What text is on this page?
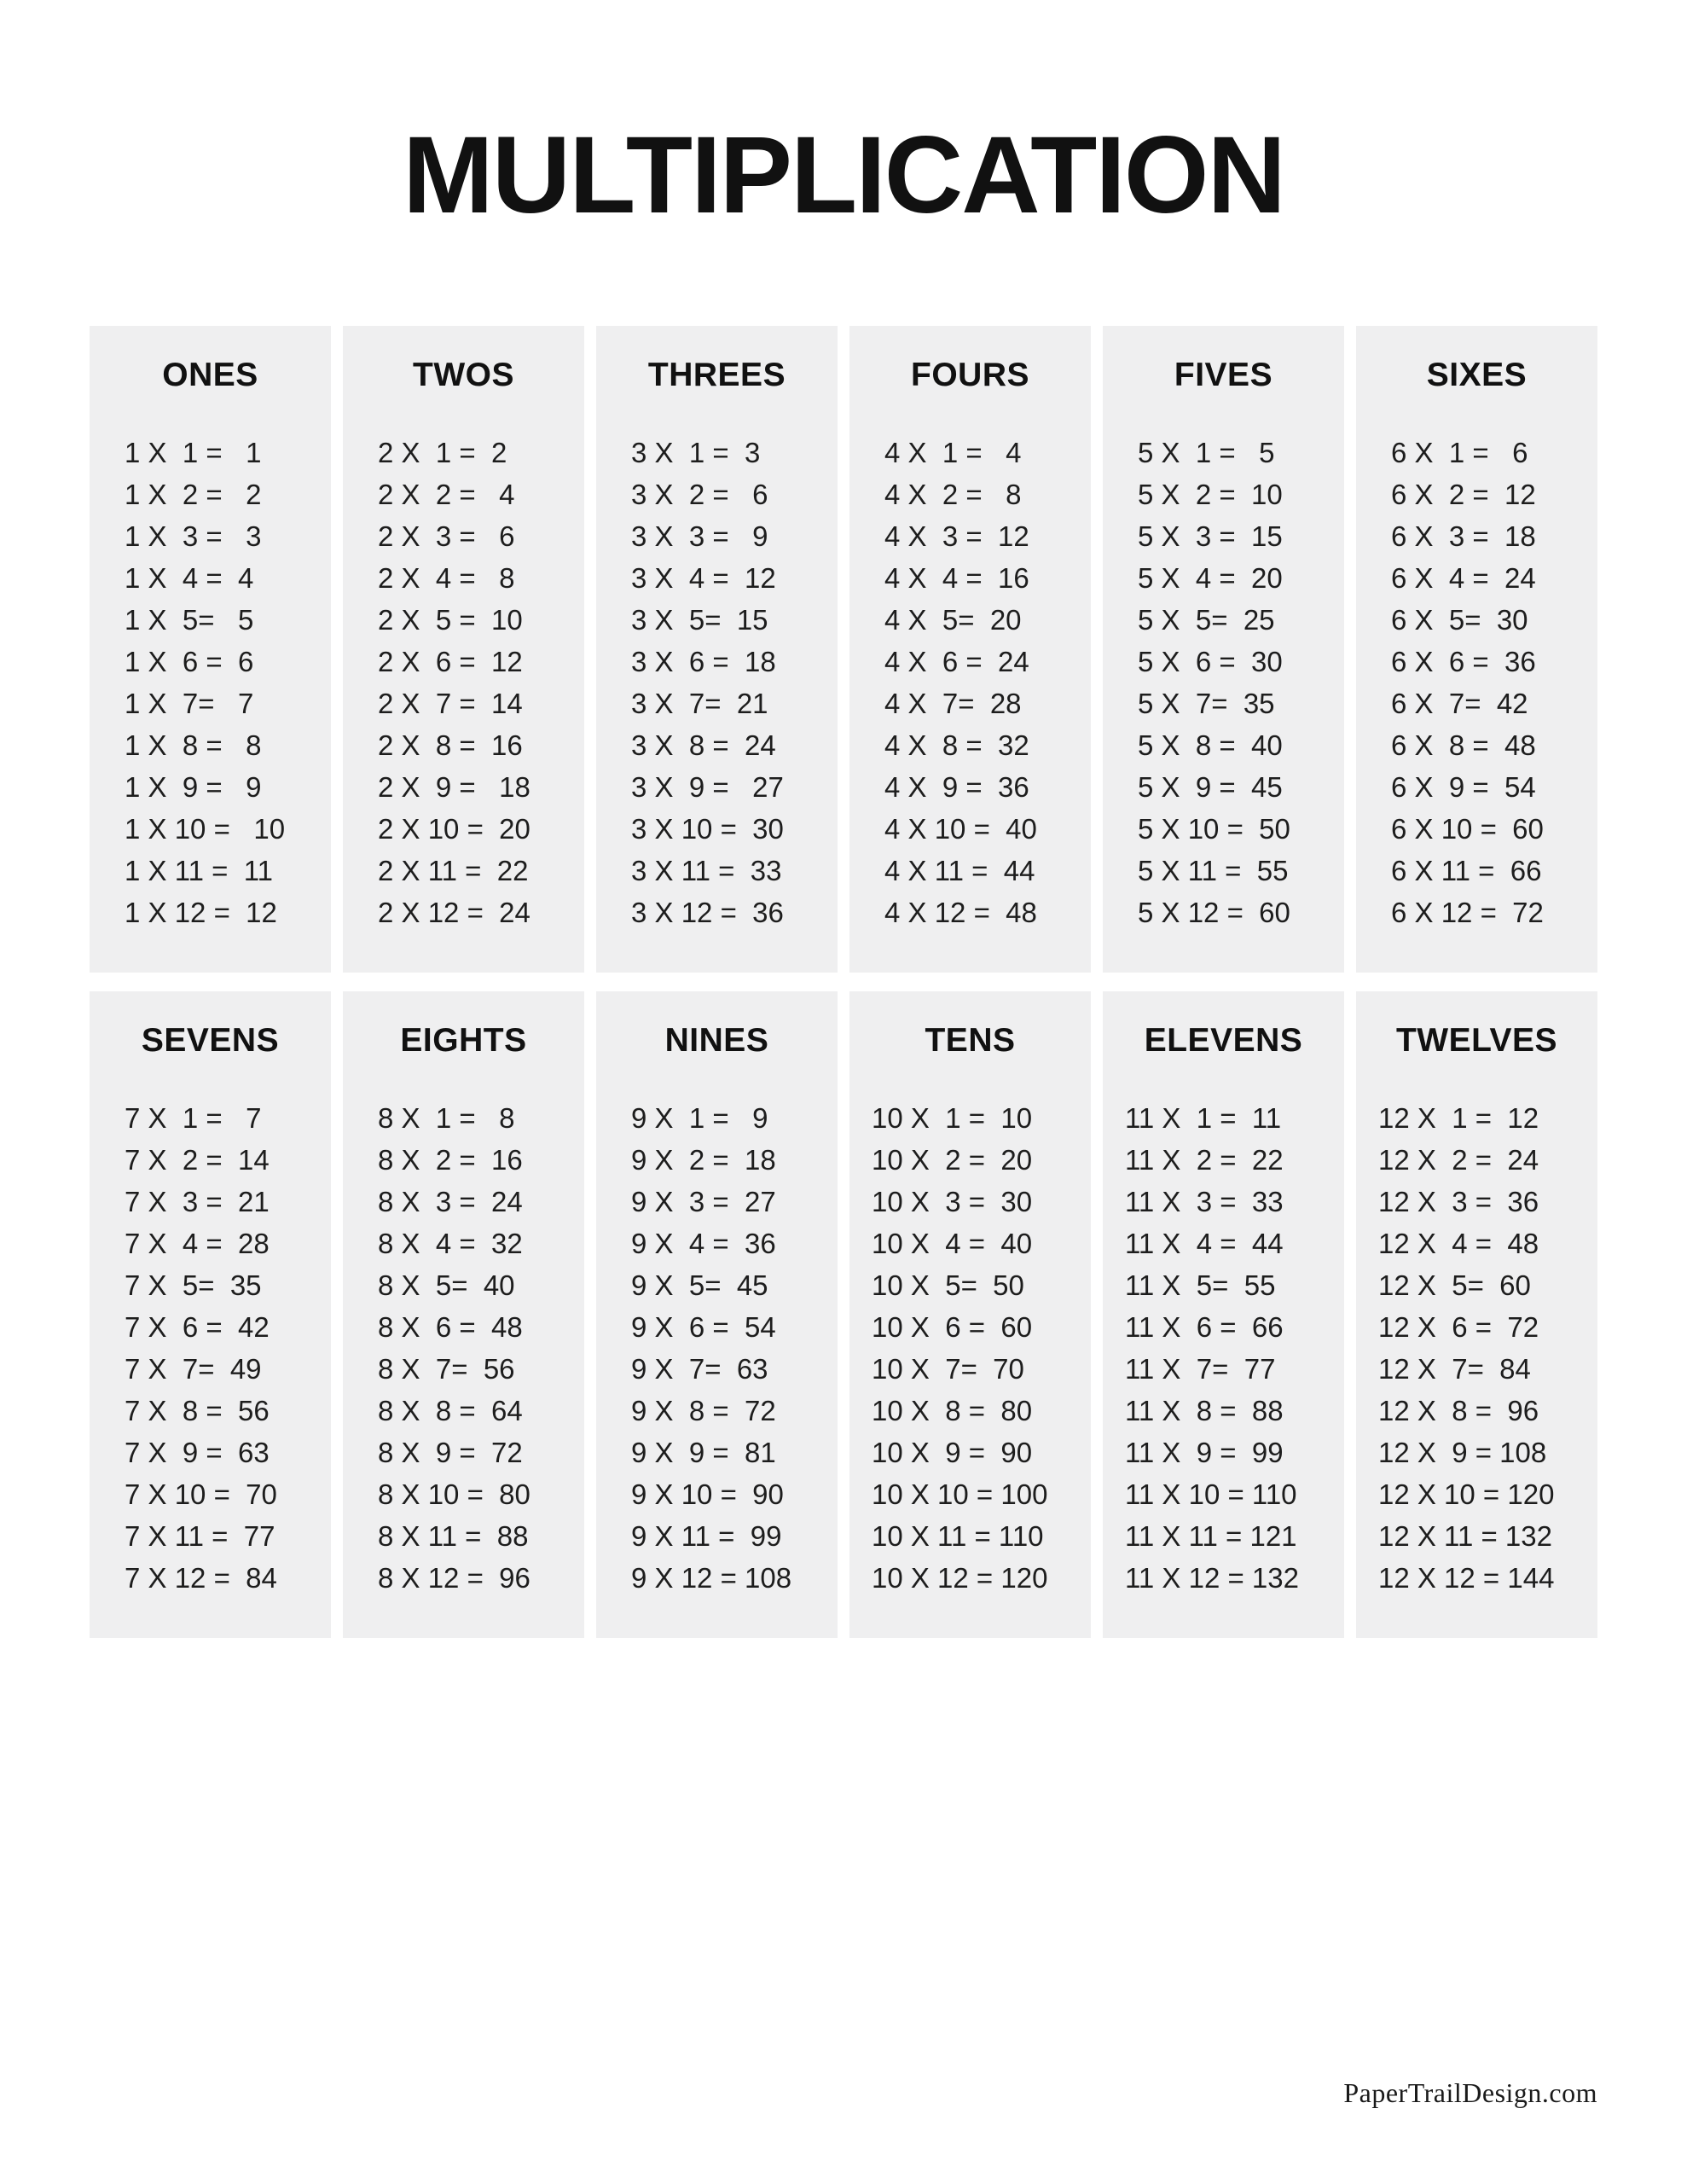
MULTIPLICATION
ONES
1 X  1 =   1
1 X  2 =   2
1 X  3 =   3
1 X  4 =  4
1 X  5=   5
1 X  6 =  6
1 X  7=   7
1 X  8 =   8
1 X  9 =   9
1 X 10 =   10
1 X 11 =  11
1 X 12 =  12
TWOS
2 X  1 =  2
2 X  2 =   4
2 X  3 =   6
2 X  4 =   8
2 X  5 =  10
2 X  6 =  12
2 X  7 =  14
2 X  8 =  16
2 X  9 =   18
2 X 10 =  20
2 X 11 =  22
2 X 12 =  24
THREES
3 X  1 =  3
3 X  2 =   6
3 X  3 =   9
3 X  4 =  12
3 X  5=  15
3 X  6 =  18
3 X  7=  21
3 X  8 =  24
3 X  9 =   27
3 X 10 =  30
3 X 11 =  33
3 X 12 =  36
FOURS
4 X  1 =   4
4 X  2 =   8
4 X  3 =  12
4 X  4 =  16
4 X  5=  20
4 X  6 =  24
4 X  7=  28
4 X  8 =  32
4 X  9 =  36
4 X 10 =  40
4 X 11 =  44
4 X 12 =  48
FIVES
5 X  1 =   5
5 X  2 =  10
5 X  3 =  15
5 X  4 =  20
5 X  5=  25
5 X  6 =  30
5 X  7=  35
5 X  8 =  40
5 X  9 =  45
5 X 10 =  50
5 X 11 =  55
5 X 12 =  60
SIXES
6 X  1 =   6
6 X  2 =  12
6 X  3 =  18
6 X  4 =  24
6 X  5=  30
6 X  6 =  36
6 X  7=  42
6 X  8 =  48
6 X  9 =  54
6 X 10 =  60
6 X 11 =  66
6 X 12 =  72
SEVENS
7 X  1 =   7
7 X  2 =  14
7 X  3 =  21
7 X  4 =  28
7 X  5=  35
7 X  6 =  42
7 X  7=  49
7 X  8 =  56
7 X  9 =  63
7 X 10 =  70
7 X 11 =  77
7 X 12 =  84
EIGHTS
8 X  1 =   8
8 X  2 =  16
8 X  3 =  24
8 X  4 =  32
8 X  5=  40
8 X  6 =  48
8 X  7=  56
8 X  8 =  64
8 X  9 =  72
8 X 10 =  80
8 X 11 =  88
8 X 12 =  96
NINES
9 X  1 =   9
9 X  2 =  18
9 X  3 =  27
9 X  4 =  36
9 X  5=  45
9 X  6 =  54
9 X  7=  63
9 X  8 =  72
9 X  9 =  81
9 X 10 =  90
9 X 11 =  99
9 X 12 = 108
TENS
10 X  1 =  10
10 X  2 =  20
10 X  3 =  30
10 X  4 =  40
10 X  5=  50
10 X  6 =  60
10 X  7=  70
10 X  8 =  80
10 X  9 =  90
10 X 10 = 100
10 X 11 = 110
10 X 12 = 120
ELEVENS
11 X  1 =  11
11 X  2 =  22
11 X  3 =  33
11 X  4 =  44
11 X  5=  55
11 X  6 =  66
11 X  7=  77
11 X  8 =  88
11 X  9 =  99
11 X 10 = 110
11 X 11 = 121
11 X 12 = 132
TWELVES
12 X  1 =  12
12 X  2 =  24
12 X  3 =  36
12 X  4 =  48
12 X  5=  60
12 X  6 =  72
12 X  7=  84
12 X  8 =  96
12 X  9 = 108
12 X 10 = 120
12 X 11 = 132
12 X 12 = 144
PaperTrailDesign.com
